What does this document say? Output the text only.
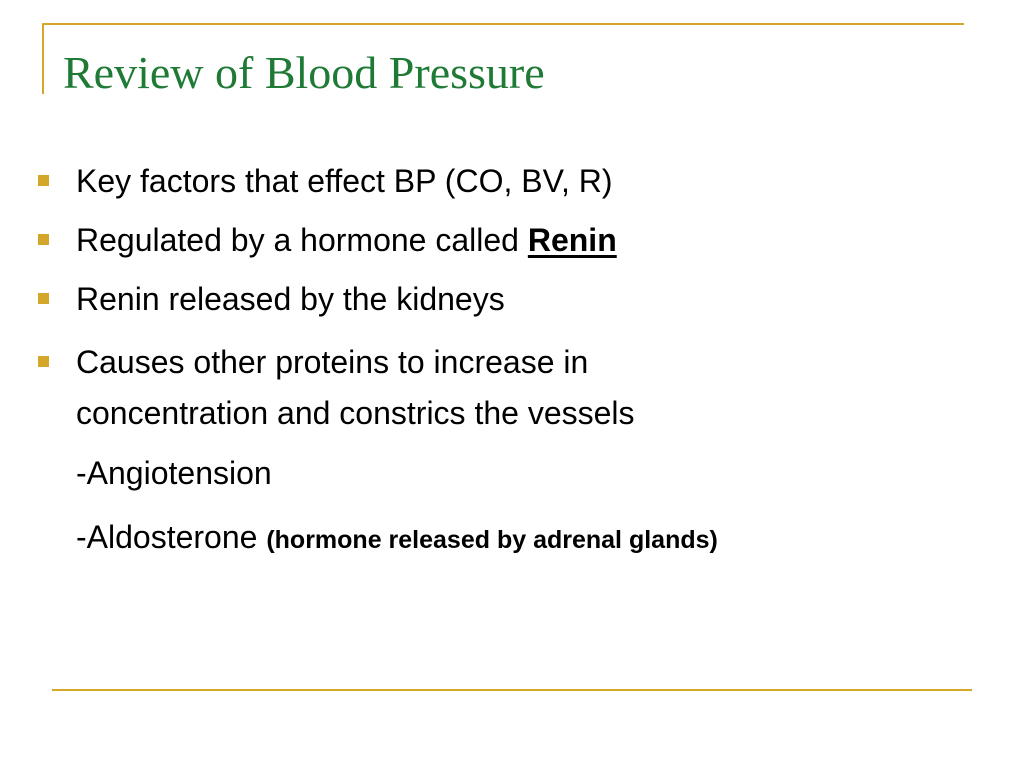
Review of Blood Pressure
Key factors that effect BP (CO, BV, R)
Regulated by a hormone called Renin
Renin released by the kidneys
Causes other proteins to increase in
concentration and constrics the vessels
-Angiotension
-Aldosterone (hormone released by adrenal glands)
